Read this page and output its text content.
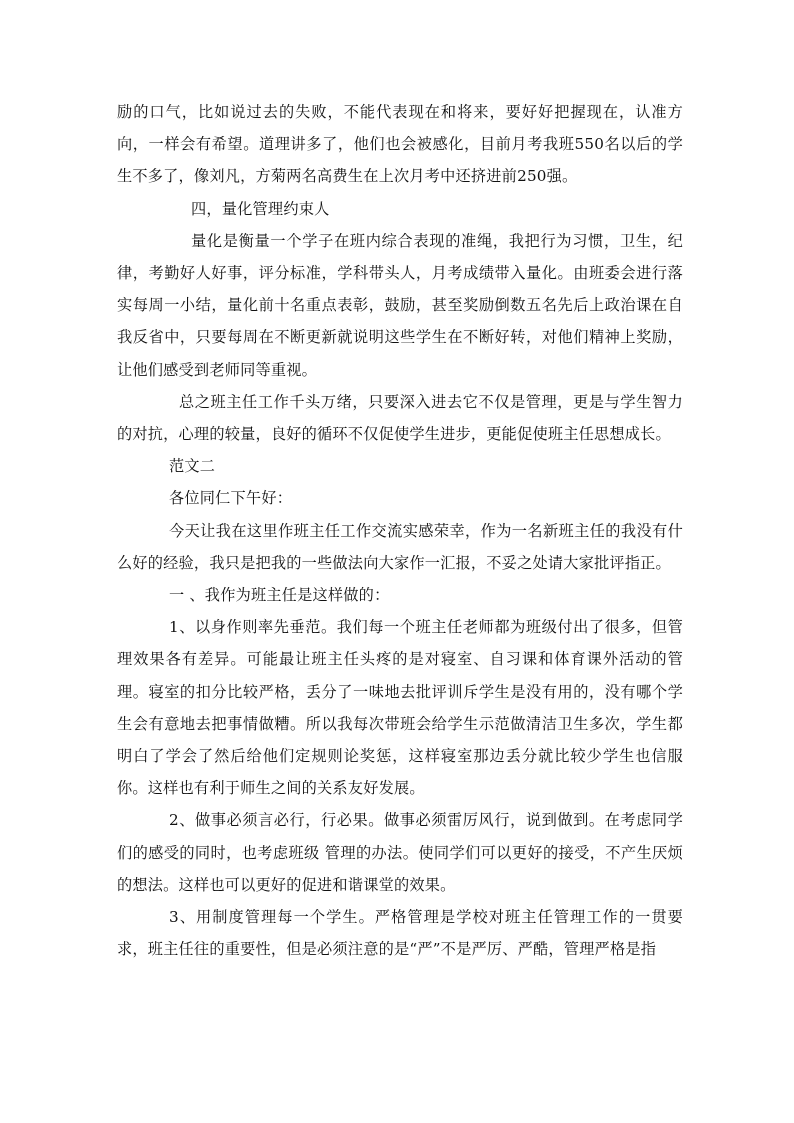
励的口气，比如说过去的失败，不能代表现在和将来，要好好把握现在，认准方向，一样会有希望。道理讲多了，他们也会被感化，目前月考我班550名以后的学生不多了，像刘凡，方菊两名高费生在上次月考中还挤进前250强。

四，量化管理约束人

量化是衡量一个学子在班内综合表现的准绳，我把行为习惯，卫生，纪律，考勤好人好事，评分标准，学科带头人，月考成绩带入量化。由班委会进行落实每周一小结，量化前十名重点表彰，鼓励，甚至奖励倒数五名先后上政治课在自我反省中，只要每周在不断更新就说明这些学生在不断好转，对他们精神上奖励，让他们感受到老师同等重视。

总之班主任工作千头万绪，只要深入进去它不仅是管理，更是与学生智力的对抗，心理的较量，良好的循环不仅促使学生进步，更能促使班主任思想成长。

范文二

各位同仁下午好：

今天让我在这里作班主任工作交流实感荣幸，作为一名新班主任的我没有什么好的经验，我只是把我的一些做法向大家作一汇报，不妥之处请大家批评指正。

一 、我作为班主任是这样做的：

1、以身作则率先垂范。我们每一个班主任老师都为班级付出了很多，但管理效果各有差异。可能最让班主任头疼的是对寝室、自习课和体育课外活动的管理。寝室的扣分比较严格，丢分了一味地去批评训斥学生是没有用的，没有哪个学生会有意地去把事情做糟。所以我每次带班会给学生示范做清洁卫生多次，学生都明白了学会了然后给他们定规则论奖惩，这样寝室那边丢分就比较少学生也信服你。这样也有利于师生之间的关系友好发展。

2、做事必须言必行，行必果。做事必须雷厉风行，说到做到。在考虑同学们的感受的同时，也考虑班级 管理的办法。使同学们可以更好的接受，不产生厌烦的想法。这样也可以更好的促进和谐课堂的效果。

3、用制度管理每一个学生。严格管理是学校对班主任管理工作的一贯要求，班主任往的重要性，但是必须注意的是“严”不是严厉、严酷，管理严格是指
